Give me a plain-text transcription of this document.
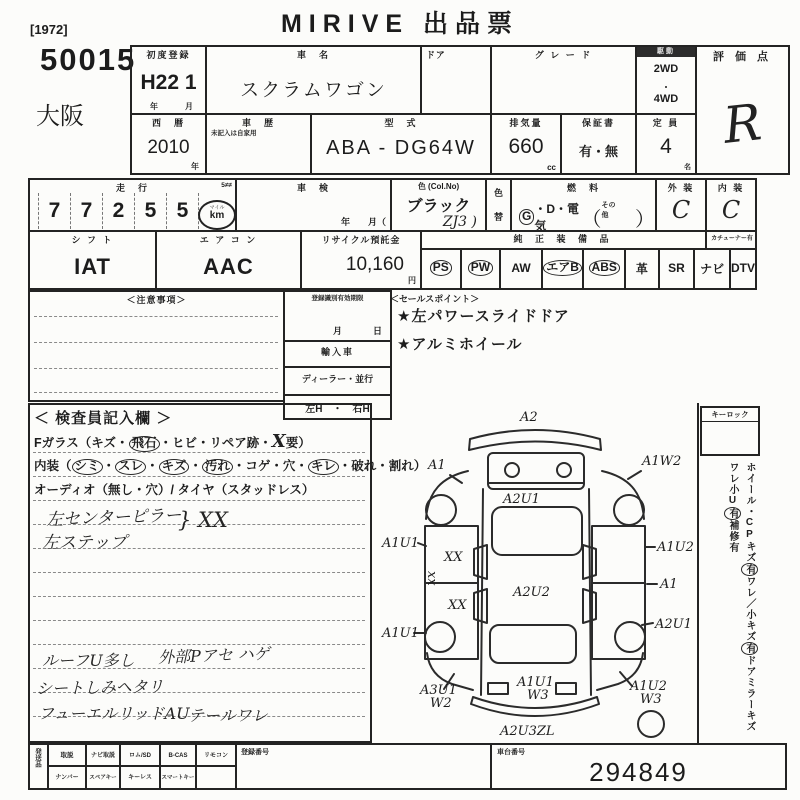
MIRIVE 出品票
[1972]
50015
大阪
初度登録
H22 1
年	月
車　名
スクラムワゴン
ドア	グ レ ー ド	駆動
2WD
・
4WD
評 価 点
R
西　暦
2010
年
車　歴
未記入は自家用
型　式
ABA - DG64W
排気量
660
cc
保証書
有・無
定 員
4
名
走　行	5≠≠
7 7 2 5 5	マイル
km
車　検
年　　月（
色 (Col.No)
ブラック
ZJ3 )
色
替
燃　料
G
・D・電気	（
その他	）
外 装
C
内 装
C
シ フ ト
IAT
エ ア コ ン
AAC
リサイクル預託金
10,160
円
純 正 装 備 品	カチューナー有
PS PW AW エアB ABS 革 SR ナビ DTV
＜注意事項＞	登録識別有効期限
月	日
輸入車
ディーラー・並行
左H　・　右H
＜セールスポイント＞
★左パワースライドドア
★アルミホイール
＜ 検査員記入欄 ＞
Fガラス（キズ・ 飛石 ・ヒビ・リペア跡・X要）
内装（ シミ ・ スレ ・ キズ ・ 汚れ ・コゲ・穴・ キレ ・破れ・割れ）
オーディオ（無し・穴）/ タイヤ（スタッドレス）
左センターピラー
左ステップ
} XX
ルーフU多し 外部Pアセ ハゲ
シートしみヘタリ
フューエルリッドAU
テールワレ
A2
A1	A1W2
A2U1
A1U1
XX
XX
xx
A1U2
A1
A2U2
A1U1
A2U1
A3U1
W2
A1U1
W3
A1U2
W3
A2U3ZL
キーロック
ホイール・CPキズ有ワレ／小キズ有ドアミラーキズ ワレ小U有補修有
発送品	取説	ナビ取説	ロム/SD	B-CAS	リモコン
ナンバー	スペアキー	キーレス	スマートキー
登録番号	車台番号
294849
